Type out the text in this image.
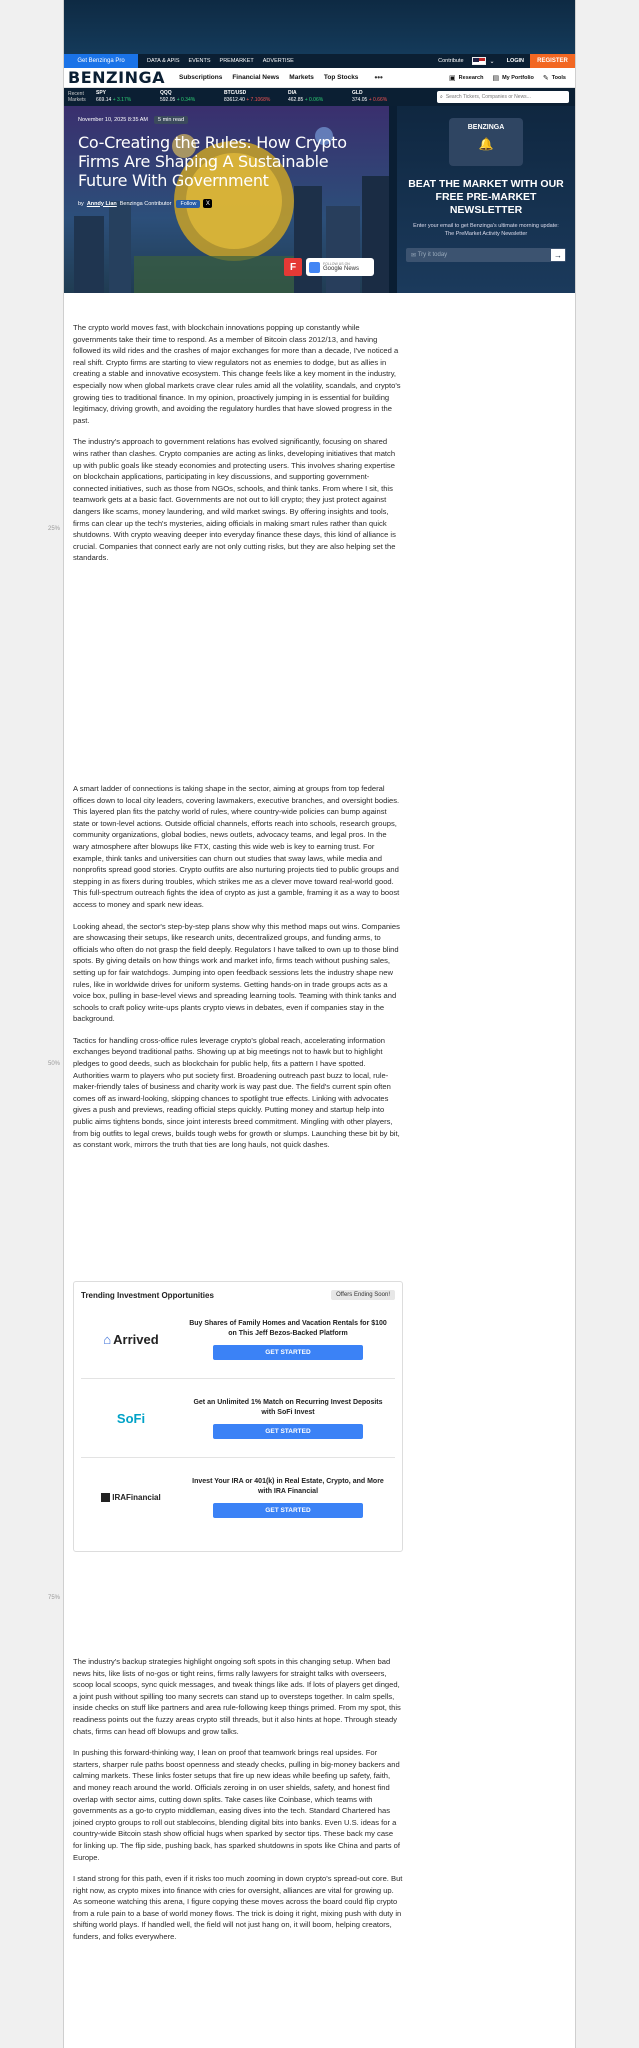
25%
50%
75%
Get Benzinga Pro	DATA & APIS EVENTS PREMARKET ADVERTISE	Contribute	⌄ LOGIN	REGISTER
BENZINGA Subscriptions Financial News Markets Top Stocks •••	▣ Research ▤ My Portfolio ✎ Tools
Recent
Markets
SPY
669.14 + 3.17%
QQQ
592.05 + 0.34%
BTC/USD
83612.40 + 7.1068%
DIA
462.85 + 0.06%
GLD
374.05 + 0.66%	⌕ Search Tickers, Companies or News...
November 10, 2025 8:35 AM	5 min read
Co-Creating the Rules: How Crypto Firms Are Shaping A Sustainable Future With Government
by Anndy Lian Benzinga Contributor	Follow	X
F	FOLLOW US ON
Google News
BENZINGA
🔔
BEAT THE MARKET WITH OUR FREE PRE-MARKET NEWSLETTER
Enter your email to get Benzinga's ultimate morning update: The PreMarket Activity Newsletter
✉ Try it today	→

The crypto world moves fast, with blockchain innovations popping up constantly while governments take their time to respond. As a member of Bitcoin class 2012/13, and having followed its wild rides and the crashes of major exchanges for more than a decade, I've noticed a real shift. Crypto firms are starting to view regulators not as enemies to dodge, but as allies in creating a stable and innovative ecosystem. This change feels like a key moment in the industry, especially now when global markets crave clear rules amid all the volatility, scandals, and crypto's growing ties to traditional finance. In my opinion, proactively jumping in is essential for building legitimacy, driving growth, and avoiding the regulatory hurdles that have slowed progress in the past.

The industry's approach to government relations has evolved significantly, focusing on shared wins rather than clashes. Crypto companies are acting as links, developing initiatives that match up with public goals like steady economies and protecting users. This involves sharing expertise on blockchain applications, participating in key discussions, and supporting government-connected initiatives, such as those from NGOs, schools, and think tanks. From where I sit, this teamwork gets at a basic fact. Governments are not out to kill crypto; they just protect against dangers like scams, money laundering, and wild market swings. By offering insights and tools, firms can clear up the tech's mysteries, aiding officials in making smart rules rather than quick shutdowns. With crypto weaving deeper into everyday finance these days, this kind of alliance is crucial. Companies that connect early are not only cutting risks, but they are also helping set the standards.

A smart ladder of connections is taking shape in the sector, aiming at groups from top federal offices down to local city leaders, covering lawmakers, executive branches, and oversight bodies. This layered plan fits the patchy world of rules, where country-wide policies can bump against state or town-level actions. Outside official channels, efforts reach into schools, research groups, community organizations, global bodies, news outlets, advocacy teams, and legal pros. In the wary atmosphere after blowups like FTX, casting this wide web is key to earning trust. For example, think tanks and universities can churn out studies that sway laws, while media and nonprofits spread good stories. Crypto outfits are also nurturing projects tied to public groups and stepping in as fixers during troubles, which strikes me as a clever move toward real-world good. This full-spectrum outreach fights the idea of crypto as just a gamble, framing it as a way to boost access to money and spark new ideas.

Looking ahead, the sector's step-by-step plans show why this method maps out wins. Companies are showcasing their setups, like research units, decentralized groups, and funding arms, to officials who often do not grasp the field deeply. Regulators I have talked to own up to those blind spots. By giving details on how things work and market info, firms teach without pushing sales, setting up for fair watchdogs. Jumping into open feedback sessions lets the industry shape new rules, like in worldwide drives for uniform systems. Getting hands-on in trade groups acts as a voice box, pulling in base-level views and spreading learning tools. Teaming with think tanks and schools to craft policy write-ups plants crypto views in debates, even if companies stay in the background.

Tactics for handling cross-office rules leverage crypto's global reach, accelerating information exchanges beyond traditional paths. Showing up at big meetings not to hawk but to highlight pledges to good deeds, such as blockchain for public help, fits a pattern I have spotted. Authorities warm to players who put society first. Broadening outreach past buzz to local, rule-maker-friendly tales of business and charity work is way past due. The field's current spin often comes off as inward-looking, skipping chances to spotlight true effects. Linking with advocates gives a push and previews, reading official steps quickly. Putting money and startup help into public aims tightens bonds, since joint interests breed commitment. Mingling with other players, from big outfits to legal crews, builds tough webs for growth or slumps. Launching these bit by bit, as constant work, mirrors the truth that ties are long hauls, not quick dashes.

Trending Investment Opportunities	Offers Ending Soon!
⌂ Arrived
Buy Shares of Family Homes and Vacation Rentals for $100 on This Jeff Bezos-Backed Platform
GET STARTED
SoFi
Get an Unlimited 1% Match on Recurring Invest Deposits with SoFi Invest
GET STARTED
IRA Financial
Invest Your IRA or 401(k) in Real Estate, Crypto, and More with IRA Financial
GET STARTED

The industry's backup strategies highlight ongoing soft spots in this changing setup. When bad news hits, like lists of no-gos or tight reins, firms rally lawyers for straight talks with overseers, scoop local scoops, sync quick messages, and tweak things like ads. If lots of players get dinged, a joint push without spilling too many secrets can stand up to oversteps together. In calm spells, inside checks on stuff like partners and area rule-following keep things primed. From my spot, this readiness points out the fuzzy areas crypto still threads, but it also hints at hope. Through steady chats, firms can head off blowups and grow talks.

In pushing this forward-thinking way, I lean on proof that teamwork brings real upsides. For starters, sharper rule paths boost openness and steady checks, pulling in big-money backers and calming markets. These links foster setups that fire up new ideas while beefing up safety, faith, and money reach around the world. Officials zeroing in on user shields, safety, and honest find overlap with sector aims, cutting down splits. Take cases like Coinbase, which teams with governments as a go-to crypto middleman, easing dives into the tech. Standard Chartered has joined crypto groups to roll out stablecoins, blending digital bits into banks. Even U.S. ideas for a country-wide Bitcoin stash show official hugs when sparked by sector tips. These back my case for linking up. The flip side, pushing back, has sparked shutdowns in spots like China and parts of Europe.

I stand strong for this path, even if it risks too much zooming in down crypto's spread-out core. But right now, as crypto mixes into finance with cries for oversight, alliances are vital for growing up. As someone watching this arena, I figure copying these moves across the board could flip crypto from a rule pain to a base of world money flows. The trick is doing it right, mixing push with duty in shifting world plays. If handled well, the field will not just hang on, it will boom, helping creators, funders, and folks everywhere.
